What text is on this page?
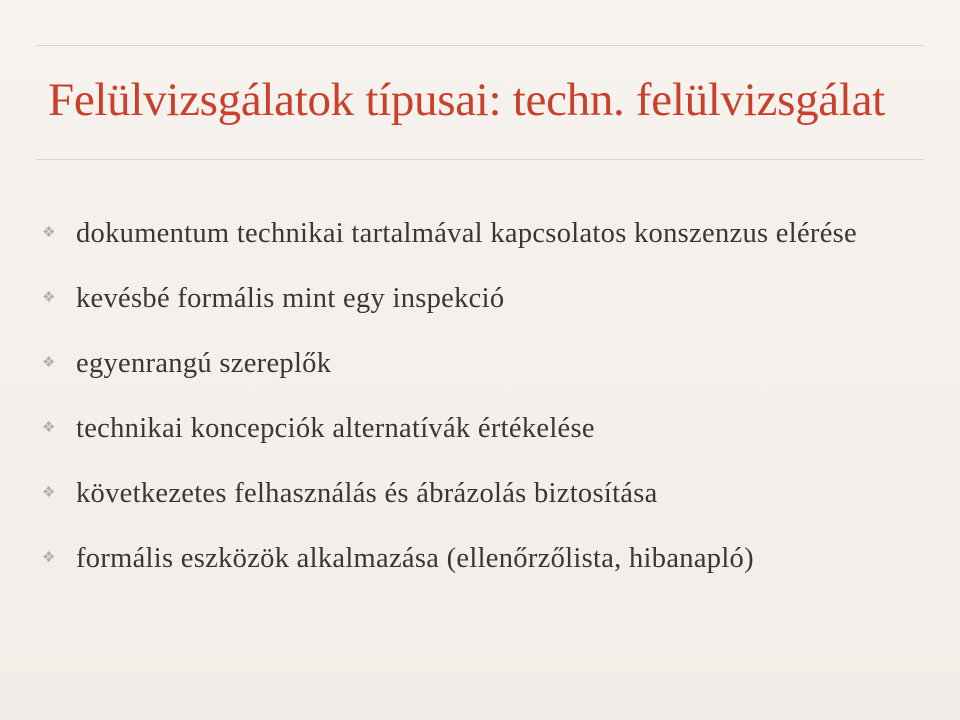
Felülvizsgálatok típusai: techn. felülvizsgálat
❖ dokumentum technikai tartalmával kapcsolatos konszenzus elérése
❖ kevésbé formális mint egy inspekció
❖ egyenrangú szereplők
❖ technikai koncepciók alternatívák értékelése
❖ következetes felhasználás és ábrázolás biztosítása
❖ formális eszközök alkalmazása (ellenőrzőlista, hibanapló)
